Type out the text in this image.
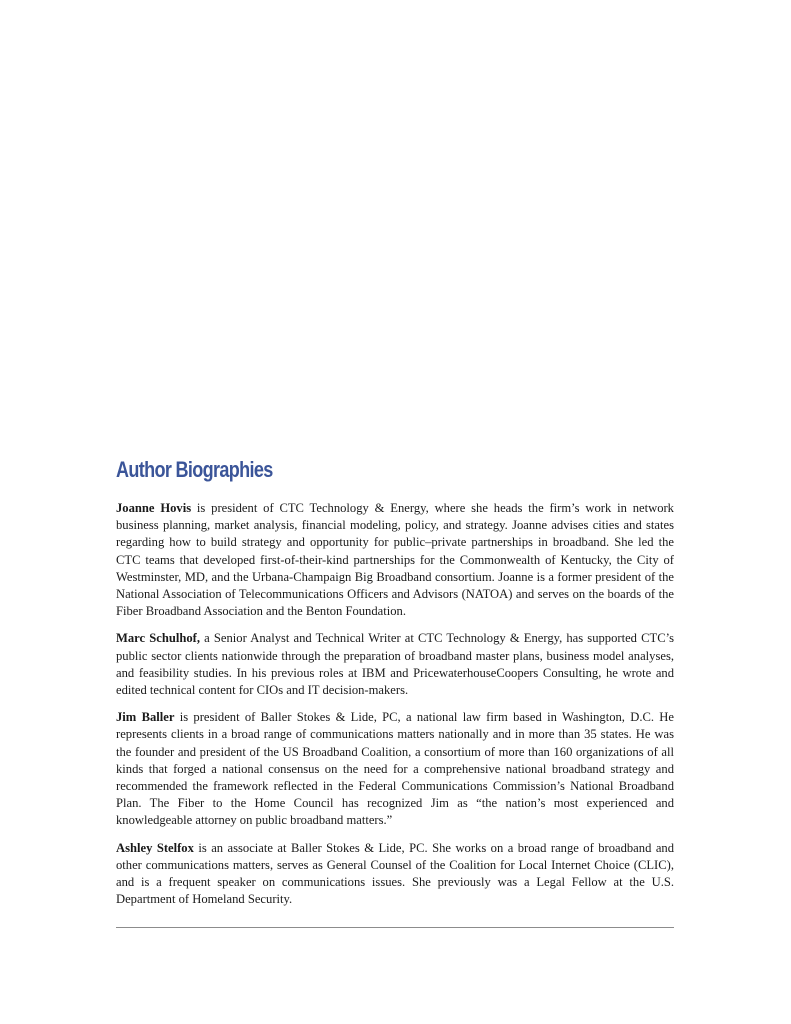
Author Biographies

Joanne Hovis is president of CTC Technology & Energy, where she heads the firm’s work in network business planning, market analysis, financial modeling, policy, and strategy. Joanne advises cities and states regarding how to build strategy and opportunity for public–private partnerships in broadband. She led the CTC teams that developed first-of-their-kind partnerships for the Commonwealth of Kentucky, the City of Westminster, MD, and the Urbana-Champaign Big Broadband consortium. Joanne is a former president of the National Association of Telecommunications Officers and Advisors (NATOA) and serves on the boards of the Fiber Broadband Association and the Benton Foundation.

Marc Schulhof, a Senior Analyst and Technical Writer at CTC Technology & Energy, has supported CTC’s public sector clients nationwide through the preparation of broadband master plans, business model analyses, and feasibility studies. In his previous roles at IBM and PricewaterhouseCoopers Consulting, he wrote and edited technical content for CIOs and IT decision-makers.

Jim Baller is president of Baller Stokes & Lide, PC, a national law firm based in Washington, D.C. He represents clients in a broad range of communications matters nationally and in more than 35 states. He was the founder and president of the US Broadband Coalition, a consortium of more than 160 organizations of all kinds that forged a national consensus on the need for a comprehensive national broadband strategy and recommended the framework reflected in the Federal Communications Commission’s National Broadband Plan. The Fiber to the Home Council has recognized Jim as “the nation’s most experienced and knowledgeable attorney on public broadband matters.”

Ashley Stelfox is an associate at Baller Stokes & Lide, PC. She works on a broad range of broadband and other communications matters, serves as General Counsel of the Coalition for Local Internet Choice (CLIC), and is a frequent speaker on communications issues. She previously was a Legal Fellow at the U.S. Department of Homeland Security.
